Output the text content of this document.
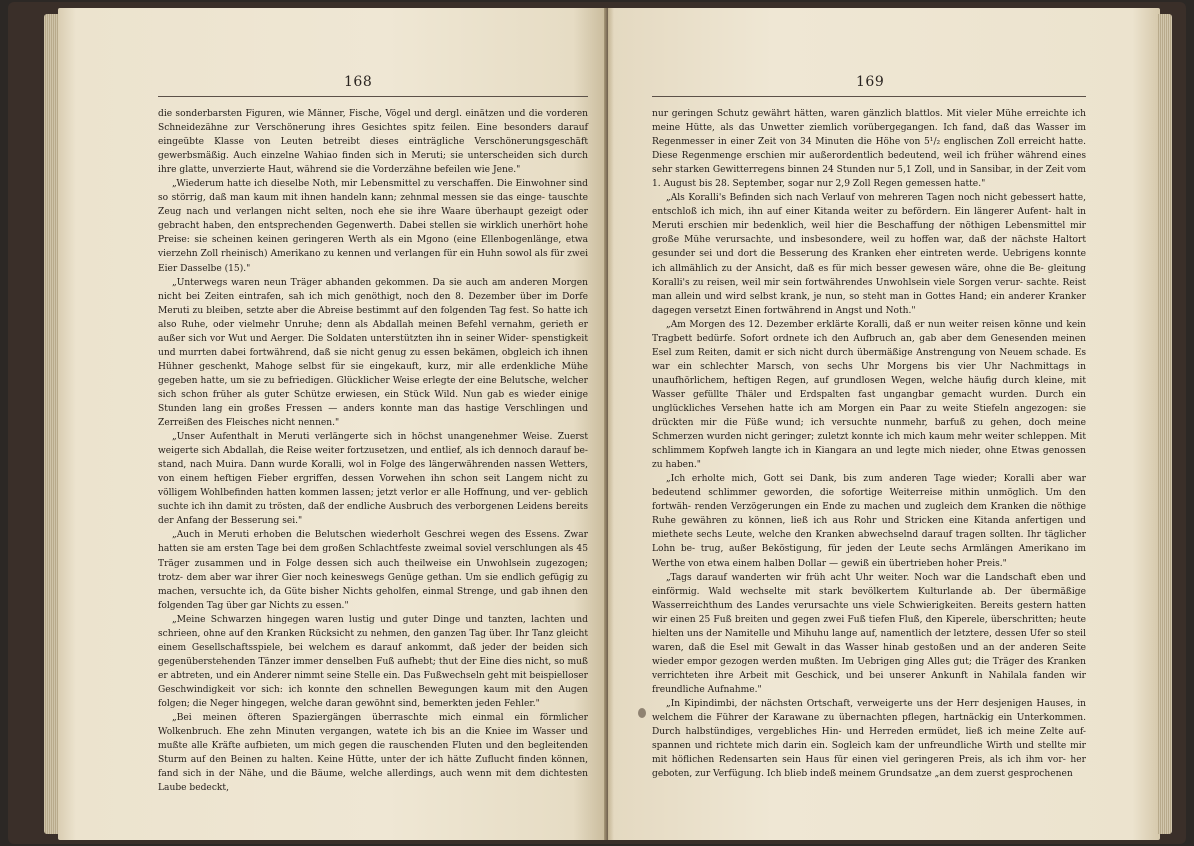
168

die sonderbarsten Figuren, wie Männer, Fische, Vögel und dergl. einätzen und die vorderen Schneidezähne zur Verschönerung ihres Gesichtes spitz feilen. Eine besonders darauf eingeübte Klasse von Leuten betreibt dieses einträgliche Verschönerungsgeschäft gewerbsmäßig. Auch einzelne Wahiao finden sich in Meruti; sie unterscheiden sich durch ihre glatte, unverzierte Haut, während sie die Vorderzähne befeilen wie Jene."

„Wiederum hatte ich dieselbe Noth, mir Lebensmittel zu verschaffen. Die Einwohner sind so störrig, daß man kaum mit ihnen handeln kann; zehnmal messen sie das einge- tauschte Zeug nach und verlangen nicht selten, noch ehe sie ihre Waare überhaupt gezeigt oder gebracht haben, den entsprechenden Gegenwerth. Dabei stellen sie wirklich unerhört hohe Preise: sie scheinen keinen geringeren Werth als ein Mgono (eine Ellenbogenlänge, etwa vierzehn Zoll rheinisch) Amerikano zu kennen und verlangen für ein Huhn sowol als für zwei Eier Dasselbe (15)."

„Unterwegs waren neun Träger abhanden gekommen. Da sie auch am anderen Morgen nicht bei Zeiten eintrafen, sah ich mich genöthigt, noch den 8. Dezember über im Dorfe Meruti zu bleiben, setzte aber die Abreise bestimmt auf den folgenden Tag fest. So hatte ich also Ruhe, oder vielmehr Unruhe; denn als Abdallah meinen Befehl vernahm, gerieth er außer sich vor Wut und Aerger. Die Soldaten unterstützten ihn in seiner Wider- spenstigkeit und murrten dabei fortwährend, daß sie nicht genug zu essen bekämen, obgleich ich ihnen Hühner geschenkt, Mahoge selbst für sie eingekauft, kurz, mir alle erdenkliche Mühe gegeben hatte, um sie zu befriedigen. Glücklicher Weise erlegte der eine Belutsche, welcher sich schon früher als guter Schütze erwiesen, ein Stück Wild. Nun gab es wieder einige Stunden lang ein großes Fressen — anders konnte man das hastige Verschlingen und Zerreißen des Fleisches nicht nennen."

„Unser Aufenthalt in Meruti verlängerte sich in höchst unangenehmer Weise. Zuerst weigerte sich Abdallah, die Reise weiter fortzusetzen, und entlief, als ich dennoch darauf be- stand, nach Muira. Dann wurde Koralli, wol in Folge des längerwährenden nassen Wetters, von einem heftigen Fieber ergriffen, dessen Vorwehen ihn schon seit Langem nicht zu völligem Wohlbefinden hatten kommen lassen; jetzt verlor er alle Hoffnung, und ver- geblich suchte ich ihn damit zu trösten, daß der endliche Ausbruch des verborgenen Leidens bereits der Anfang der Besserung sei."

„Auch in Meruti erhoben die Belutschen wiederholt Geschrei wegen des Essens. Zwar hatten sie am ersten Tage bei dem großen Schlachtfeste zweimal soviel verschlungen als 45 Träger zusammen und in Folge dessen sich auch theilweise ein Unwohlsein zugezogen; trotz- dem aber war ihrer Gier noch keineswegs Genüge gethan. Um sie endlich gefügig zu machen, versuchte ich, da Güte bisher Nichts geholfen, einmal Strenge, und gab ihnen den folgenden Tag über gar Nichts zu essen."

„Meine Schwarzen hingegen waren lustig und guter Dinge und tanzten, lachten und schrieen, ohne auf den Kranken Rücksicht zu nehmen, den ganzen Tag über. Ihr Tanz gleicht einem Gesellschaftsspiele, bei welchem es darauf ankommt, daß jeder der beiden sich gegenüberstehenden Tänzer immer denselben Fuß aufhebt; thut der Eine dies nicht, so muß er abtreten, und ein Anderer nimmt seine Stelle ein. Das Fußwechseln geht mit beispielloser Geschwindigkeit vor sich: ich konnte den schnellen Bewegungen kaum mit den Augen folgen; die Neger hingegen, welche daran gewöhnt sind, bemerkten jeden Fehler."

„Bei meinen öfteren Spaziergängen überraschte mich einmal ein förmlicher Wolkenbruch. Ehe zehn Minuten vergangen, watete ich bis an die Kniee im Wasser und mußte alle Kräfte aufbieten, um mich gegen die rauschenden Fluten und den begleitenden Sturm auf den Beinen zu halten. Keine Hütte, unter der ich hätte Zuflucht finden können, fand sich in der Nähe, und die Bäume, welche allerdings, auch wenn mit dem dichtesten Laube bedeckt,

169

nur geringen Schutz gewährt hätten, waren gänzlich blattlos. Mit vieler Mühe erreichte ich meine Hütte, als das Unwetter ziemlich vorübergegangen. Ich fand, daß das Wasser im Regenmesser in einer Zeit von 34 Minuten die Höhe von 5¹/₂ englischen Zoll erreicht hatte. Diese Regenmenge erschien mir außerordentlich bedeutend, weil ich früher während eines sehr starken Gewitterregens binnen 24 Stunden nur 5,1 Zoll, und in Sansibar, in der Zeit vom 1. August bis 28. September, sogar nur 2,9 Zoll Regen gemessen hatte."

„Als Koralli's Befinden sich nach Verlauf von mehreren Tagen noch nicht gebessert hatte, entschloß ich mich, ihn auf einer Kitanda weiter zu befördern. Ein längerer Aufent- halt in Meruti erschien mir bedenklich, weil hier die Beschaffung der nöthigen Lebensmittel mir große Mühe verursachte, und insbesondere, weil zu hoffen war, daß der nächste Haltort gesunder sei und dort die Besserung des Kranken eher eintreten werde. Uebrigens konnte ich allmählich zu der Ansicht, daß es für mich besser gewesen wäre, ohne die Be- gleitung Koralli's zu reisen, weil mir sein fortwährendes Unwohlsein viele Sorgen verur- sachte. Reist man allein und wird selbst krank, je nun, so steht man in Gottes Hand; ein anderer Kranker dagegen versetzt Einen fortwährend in Angst und Noth."

„Am Morgen des 12. Dezember erklärte Koralli, daß er nun weiter reisen könne und kein Tragbett bedürfe. Sofort ordnete ich den Aufbruch an, gab aber dem Genesenden meinen Esel zum Reiten, damit er sich nicht durch übermäßige Anstrengung von Neuem schade. Es war ein schlechter Marsch, von sechs Uhr Morgens bis vier Uhr Nachmittags in unaufhörlichem, heftigen Regen, auf grundlosen Wegen, welche häufig durch kleine, mit Wasser gefüllte Thäler und Erdspalten fast ungangbar gemacht wurden. Durch ein unglückliches Versehen hatte ich am Morgen ein Paar zu weite Stiefeln angezogen: sie drückten mir die Füße wund; ich versuchte nunmehr, barfuß zu gehen, doch meine Schmerzen wurden nicht geringer; zuletzt konnte ich mich kaum mehr weiter schleppen. Mit schlimmem Kopfweh langte ich in Kiangara an und legte mich nieder, ohne Etwas genossen zu haben."

„Ich erholte mich, Gott sei Dank, bis zum anderen Tage wieder; Koralli aber war bedeutend schlimmer geworden, die sofortige Weiterreise mithin unmöglich. Um den fortwäh- renden Verzögerungen ein Ende zu machen und zugleich dem Kranken die nöthige Ruhe gewähren zu können, ließ ich aus Rohr und Stricken eine Kitanda anfertigen und miethete sechs Leute, welche den Kranken abwechselnd darauf tragen sollten. Ihr täglicher Lohn be- trug, außer Beköstigung, für jeden der Leute sechs Armlängen Amerikano im Werthe von etwa einem halben Dollar — gewiß ein übertrieben hoher Preis."

„Tags darauf wanderten wir früh acht Uhr weiter. Noch war die Landschaft eben und einförmig. Wald wechselte mit stark bevölkertem Kulturlande ab. Der übermäßige Wasserreichthum des Landes verursachte uns viele Schwierigkeiten. Bereits gestern hatten wir einen 25 Fuß breiten und gegen zwei Fuß tiefen Fluß, den Kiperele, überschritten; heute hielten uns der Namitelle und Mihuhu lange auf, namentlich der letztere, dessen Ufer so steil waren, daß die Esel mit Gewalt in das Wasser hinab gestoßen und an der anderen Seite wieder empor gezogen werden mußten. Im Uebrigen ging Alles gut; die Träger des Kranken verrichteten ihre Arbeit mit Geschick, und bei unserer Ankunft in Nahilala fanden wir freundliche Aufnahme."

„In Kipindimbi, der nächsten Ortschaft, verweigerte uns der Herr desjenigen Hauses, in welchem die Führer der Karawane zu übernachten pflegen, hartnäckig ein Unterkommen. Durch halbstündiges, vergebliches Hin- und Herreden ermüdet, ließ ich meine Zelte auf- spannen und richtete mich darin ein. Sogleich kam der unfreundliche Wirth und stellte mir mit höflichen Redensarten sein Haus für einen viel geringeren Preis, als ich ihm vor- her geboten, zur Verfügung. Ich blieb indeß meinem Grundsatze „an dem zuerst gesprochenen
